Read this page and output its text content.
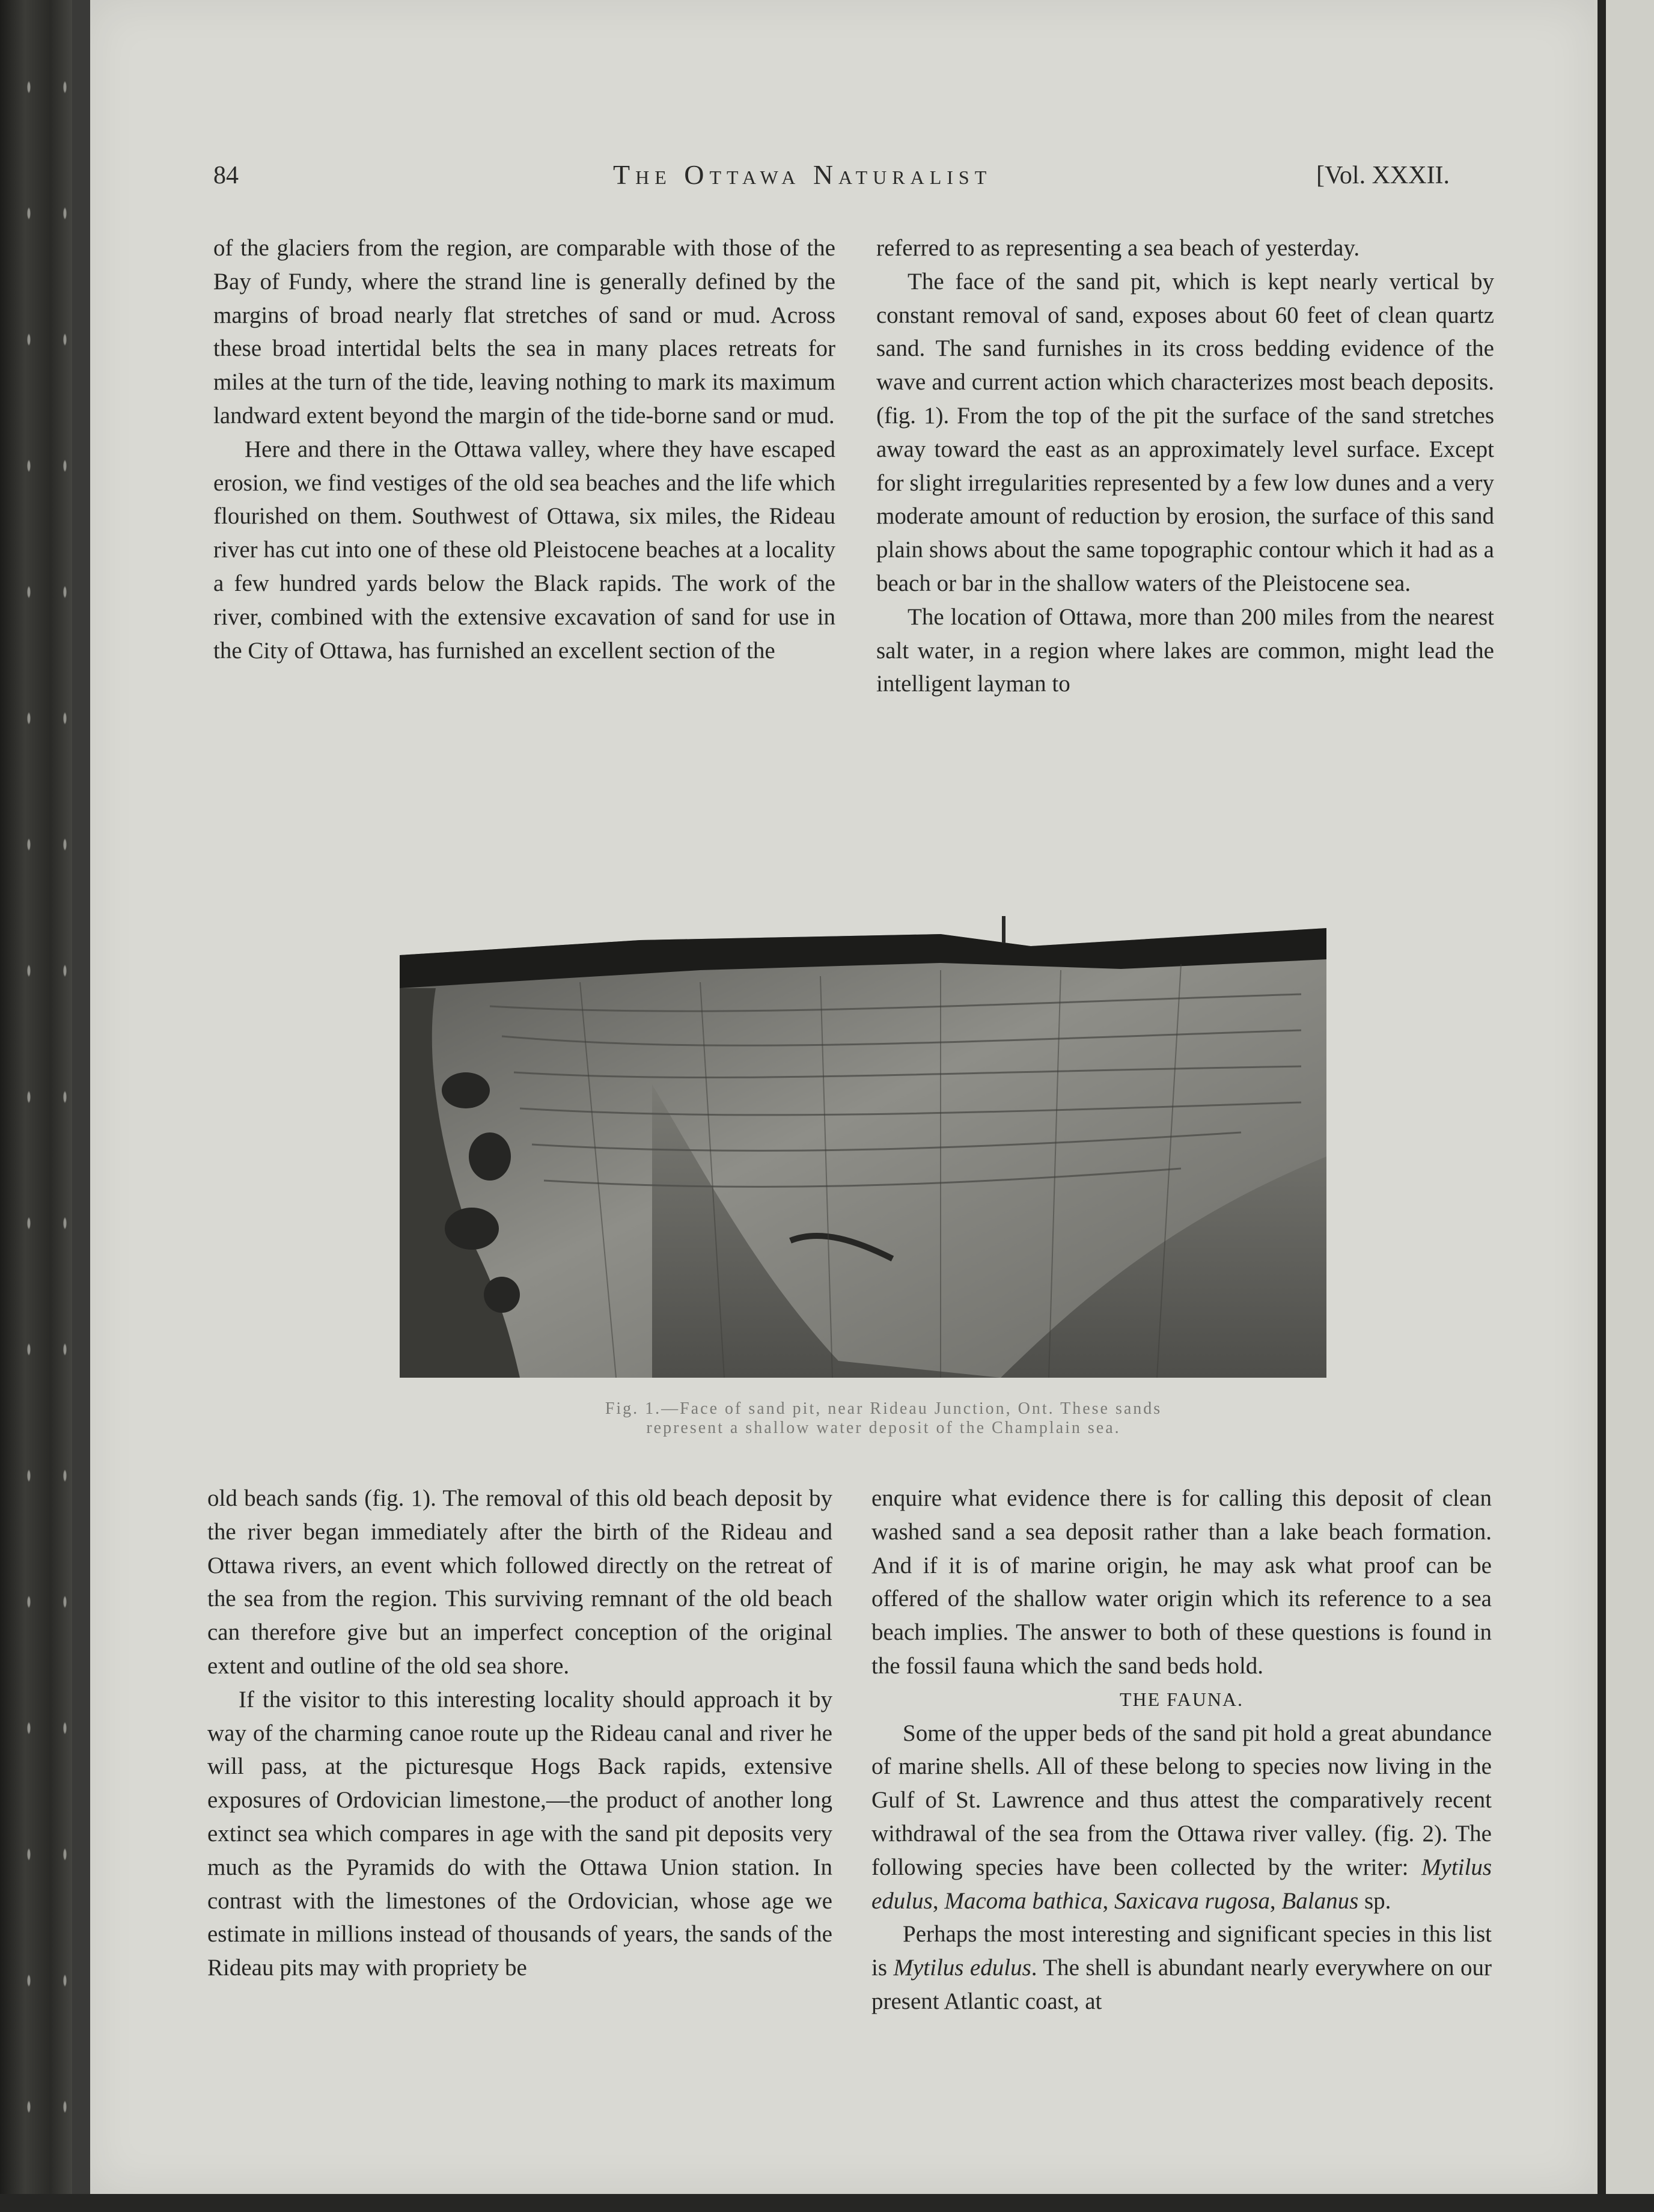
84	The Ottawa Naturalist	[Vol. XXXII.

of the glaciers from the region, are comparable with those of the Bay of Fundy, where the strand line is generally defined by the margins of broad nearly flat stretches of sand or mud. Across these broad intertidal belts the sea in many places retreats for miles at the turn of the tide, leaving nothing to mark its maximum landward extent beyond the margin of the tide-borne sand or mud.

Here and there in the Ottawa valley, where they have escaped erosion, we find vestiges of the old sea beaches and the life which flourished on them. Southwest of Ottawa, six miles, the Rideau river has cut into one of these old Pleistocene beaches at a locality a few hundred yards below the Black rapids. The work of the river, combined with the extensive excavation of sand for use in the City of Ottawa, has furnished an excellent section of the

referred to as representing a sea beach of yesterday.

The face of the sand pit, which is kept nearly vertical by constant removal of sand, exposes about 60 feet of clean quartz sand. The sand furnishes in its cross bedding evidence of the wave and current action which characterizes most beach deposits. (fig. 1). From the top of the pit the surface of the sand stretches away toward the east as an approximately level surface. Except for slight irregularities represented by a few low dunes and a very moderate amount of reduction by erosion, the surface of this sand plain shows about the same topographic contour which it had as a beach or bar in the shallow waters of the Pleistocene sea.

The location of Ottawa, more than 200 miles from the nearest salt water, in a region where lakes are common, might lead the intelligent layman to

Fig. 1.—Face of sand pit, near Rideau Junction, Ont. These sands
represent a shallow water deposit of the Champlain sea.

old beach sands (fig. 1). The removal of this old beach deposit by the river began immediately after the birth of the Rideau and Ottawa rivers, an event which followed directly on the retreat of the sea from the region. This surviving remnant of the old beach can therefore give but an imperfect conception of the original extent and outline of the old sea shore.

If the visitor to this interesting locality should approach it by way of the charming canoe route up the Rideau canal and river he will pass, at the picturesque Hogs Back rapids, extensive exposures of Ordovician limestone,—the product of another long extinct sea which compares in age with the sand pit deposits very much as the Pyramids do with the Ottawa Union station. In contrast with the limestones of the Ordovician, whose age we estimate in millions instead of thousands of years, the sands of the Rideau pits may with propriety be

enquire what evidence there is for calling this deposit of clean washed sand a sea deposit rather than a lake beach formation. And if it is of marine origin, he may ask what proof can be offered of the shallow water origin which its reference to a sea beach implies. The answer to both of these questions is found in the fossil fauna which the sand beds hold.

THE FAUNA.

Some of the upper beds of the sand pit hold a great abundance of marine shells. All of these belong to species now living in the Gulf of St. Lawrence and thus attest the comparatively recent withdrawal of the sea from the Ottawa river valley. (fig. 2). The following species have been collected by the writer: Mytilus edulus, Macoma bathica, Saxicava rugosa, Balanus sp.

Perhaps the most interesting and significant species in this list is Mytilus edulus. The shell is abundant nearly everywhere on our present Atlantic coast, at
